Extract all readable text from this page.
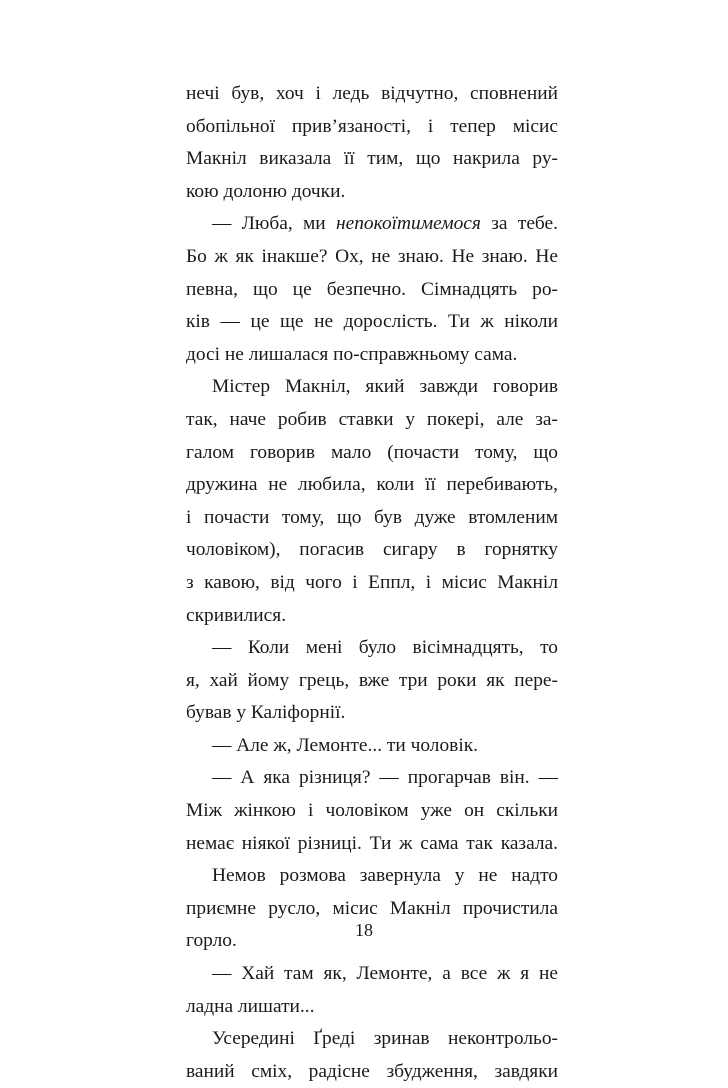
нечі був, хоч і ледь відчутно, сповнений
обопільної прив’язаності, і тепер місис
Макніл виказала її тим, що накрила ру-
кою долоню дочки.
— Люба, ми непокоїтимемося за тебе.
Бо ж як інакше? Ох, не знаю. Не знаю. Не
певна, що це безпечно. Сімнадцять ро-
ків — це ще не дорослість. Ти ж ніколи
досі не лишалася по-справжньому сама.
Містер Макніл, який завжди говорив
так, наче робив ставки у покері, але за-
галом говорив мало (почасти тому, що
дружина не любила, коли її перебивають,
і почасти тому, що був дуже втомленим
чоловіком), погасив сигару в горнятку
з кавою, від чого і Еппл, і місис Макніл
скривилися.
— Коли мені було вісімнадцять, то
я, хай йому грець, вже три роки як пере-
бував у Каліфорнії.
— Але ж, Лемонте... ти чоловік.
— А яка різниця? — прогарчав він. —
Між жінкою і чоловіком уже он скільки
немає ніякої різниці. Ти ж сама так казала.
Немов розмова завернула у не надто
приємне русло, місис Макніл прочистила
горло.
— Хай там як, Лемонте, а все ж я не
ладна лишати...
Усередині Ґреді зринав неконтрольо-
ваний сміх, радісне збудження, завдяки
18
